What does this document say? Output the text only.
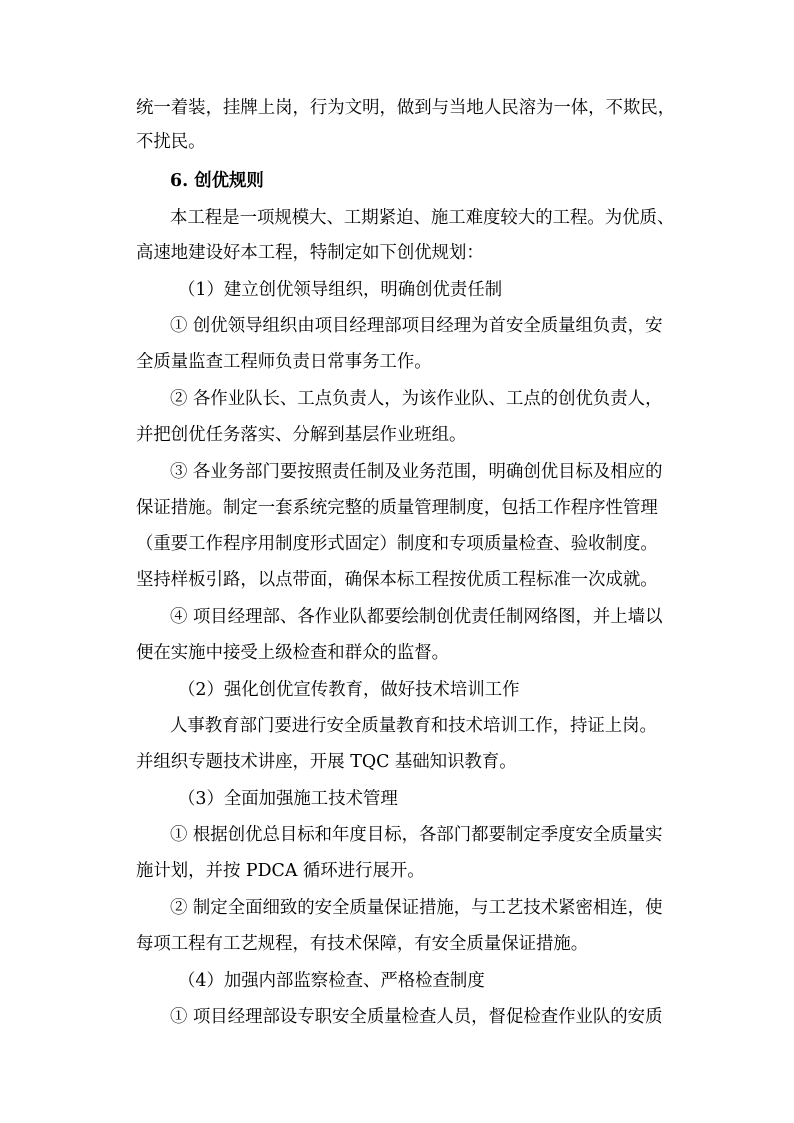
统一着装，挂牌上岗，行为文明，做到与当地人民溶为一体，不欺民，

不扰民。

6. 创优规则

本工程是一项规模大、工期紧迫、施工难度较大的工程。为优质、

高速地建设好本工程，特制定如下创优规划：

（1）建立创优领导组织，明确创优责任制

① 创优领导组织由项目经理部项目经理为首安全质量组负责，安

全质量监查工程师负责日常事务工作。

② 各作业队长、工点负责人，为该作业队、工点的创优负责人，

并把创优任务落实、分解到基层作业班组。

③ 各业务部门要按照责任制及业务范围，明确创优目标及相应的

保证措施。制定一套系统完整的质量管理制度，包括工作程序性管理

（重要工作程序用制度形式固定）制度和专项质量检查、验收制度。

坚持样板引路，以点带面，确保本标工程按优质工程标准一次成就。

④ 项目经理部、各作业队都要绘制创优责任制网络图，并上墙以

便在实施中接受上级检查和群众的监督。

（2）强化创优宣传教育，做好技术培训工作

人事教育部门要进行安全质量教育和技术培训工作，持证上岗。

并组织专题技术讲座，开展 TQC 基础知识教育。

（3）全面加强施工技术管理

① 根据创优总目标和年度目标，各部门都要制定季度安全质量实

施计划，并按 PDCA 循环进行展开。

② 制定全面细致的安全质量保证措施，与工艺技术紧密相连，使

每项工程有工艺规程，有技术保障，有安全质量保证措施。

（4）加强内部监察检查、严格检查制度

① 项目经理部设专职安全质量检查人员，督促检查作业队的安质
